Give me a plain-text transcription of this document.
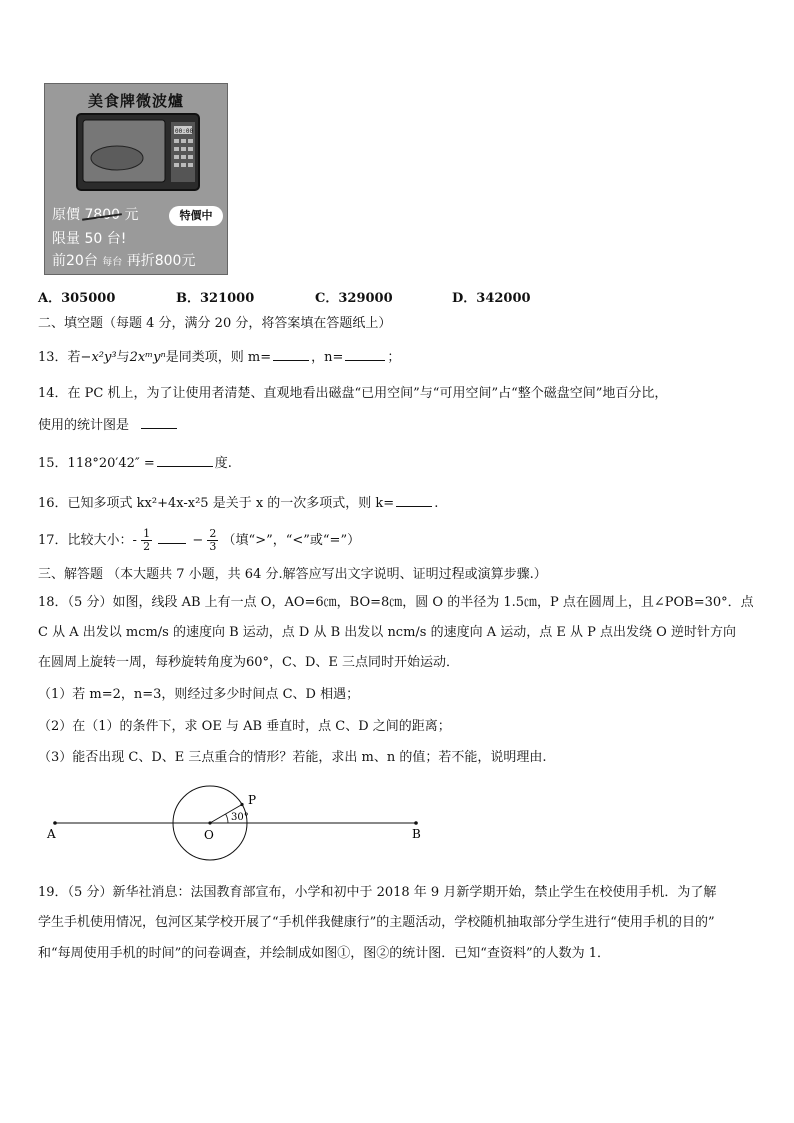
美食牌微波爐
00:00
原價 7800 元	特價中
限量 50 台!
前20台 每台 再折800元
A．305000	B．321000	C．329000	D．342000
二、填空题（每题 4 分，满分 20 分，将答案填在答题纸上）
13．若−x²y³与2xᵐyⁿ是同类项，则 m=	，n=	；
14．在 PC 机上，为了让使用者清楚、直观地看出磁盘“已用空间”与“可用空间”占“整个磁盘空间”地百分比，
使用的统计图是
15．118°20′42″ =	度.
16．已知多项式 kx²+4x-x²5 是关于 x 的一次多项式，则 k=	.
17．比较大小：- $\frac{1}{2}$	− $\frac{2}{3}$ （填“>”，“<”或“=”）
三、解答题 （本大题共 7 小题，共 64 分.解答应写出文字说明、证明过程或演算步骤.）
18．（5 分）如图，线段 AB 上有一点 O，AO=6㎝，BO=8㎝，圆 O 的半径为 1.5㎝，P 点在圆周上，且∠POB=30°．点
C 从 A 出发以 mcm/s 的速度向 B 运动，点 D 从 B 出发以 ncm/s 的速度向 A 运动，点 E 从 P 点出发绕 O 逆时针方向
在圆周上旋转一周，每秒旋转角度为60°，C、D、E 三点同时开始运动．
（1）若 m=2，n=3，则经过多少时间点 C、D 相遇；
（2）在（1）的条件下，求 OE 与 AB 垂直时，点 C、D 之间的距离；
（3）能否出现 C、D、E 三点重合的情形？若能，求出 m、n 的值；若不能，说明理由.
A	B
O
P
30°
19．（5 分）新华社消息：法国教育部宣布，小学和初中于 2018 年 9 月新学期开始，禁止学生在校使用手机．为了解
学生手机使用情况，包河区某学校开展了“手机伴我健康行”的主题活动，学校随机抽取部分学生进行“使用手机的目的”
和“每周使用手机的时间”的问卷调查，并绘制成如图①，图②的统计图．已知“查资料”的人数为 1．
